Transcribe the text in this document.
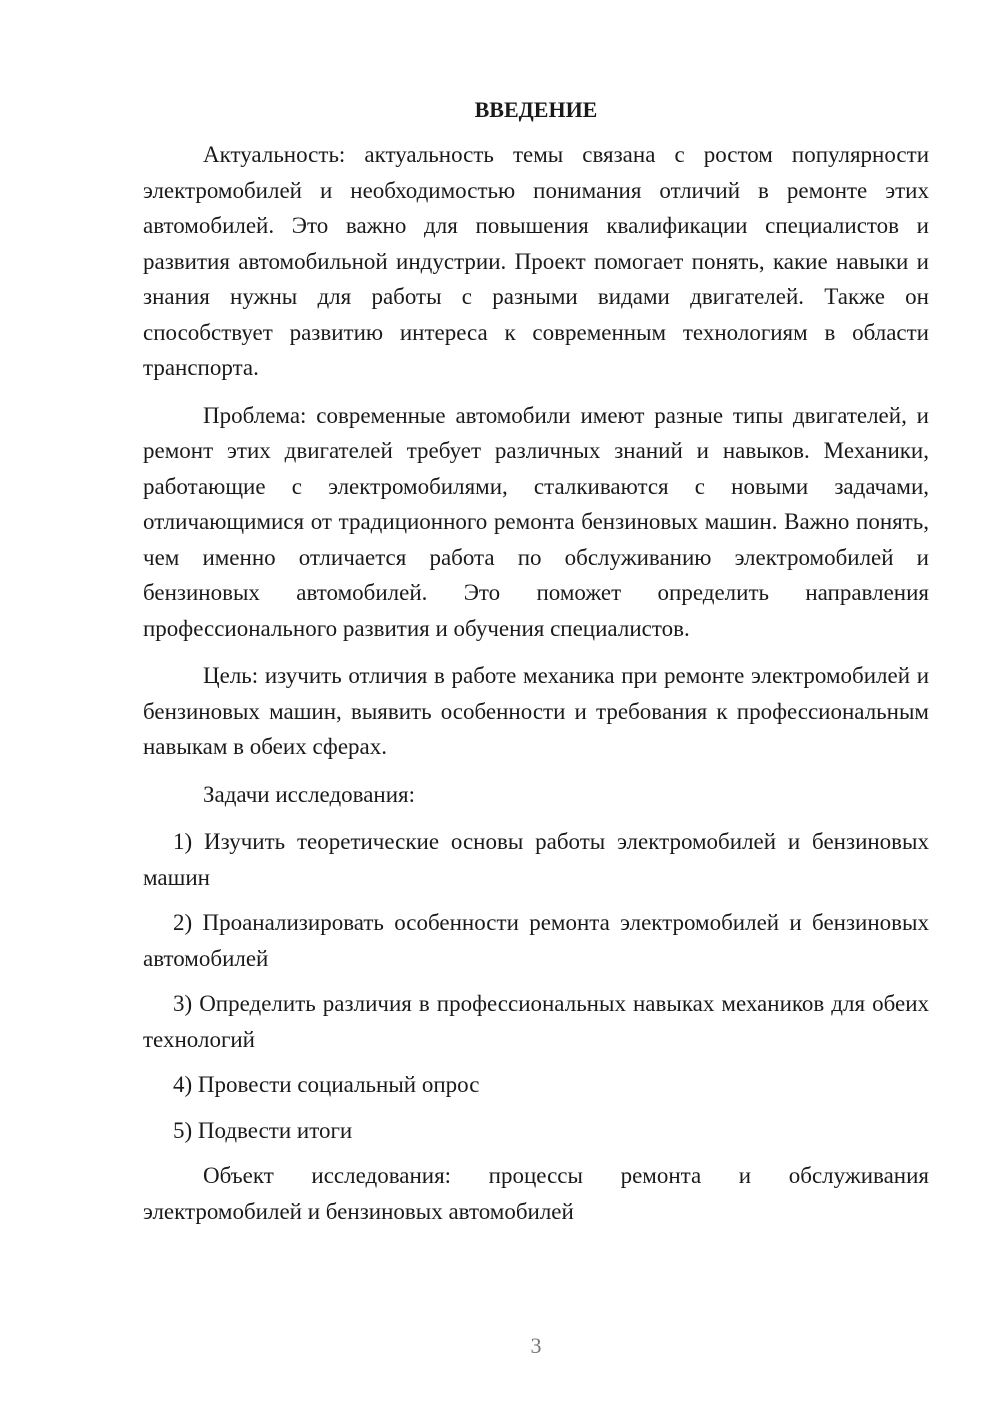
ВВЕДЕНИЕ

Актуальность: актуальность темы связана с ростом популярности электромобилей и необходимостью понимания отличий в ремонте этих автомобилей. Это важно для повышения квалификации специалистов и развития автомобильной индустрии. Проект помогает понять, какие навыки и знания нужны для работы с разными видами двигателей. Также он способствует развитию интереса к современным технологиям в области транспорта.

Проблема: современные автомобили имеют разные типы двигателей, и ремонт этих двигателей требует различных знаний и навыков. Механики, работающие с электромобилями, сталкиваются с новыми задачами, отличающимися от традиционного ремонта бензиновых машин. Важно понять, чем именно отличается работа по обслуживанию электромобилей и бензиновых автомобилей. Это поможет определить направления профессионального развития и обучения специалистов.

Цель: изучить отличия в работе механика при ремонте электромобилей и бензиновых машин, выявить особенности и требования к профессиональным навыкам в обеих сферах.

Задачи исследования:

1) Изучить теоретические основы работы электромобилей и бензиновых машин

2) Проанализировать особенности ремонта электромобилей и бензиновых автомобилей

3) Определить различия в профессиональных навыках механиков для обеих технологий

4) Провести социальный опрос

5) Подвести итоги

Объект исследования: процессы ремонта и обслуживания электромобилей и бензиновых автомобилей

3
